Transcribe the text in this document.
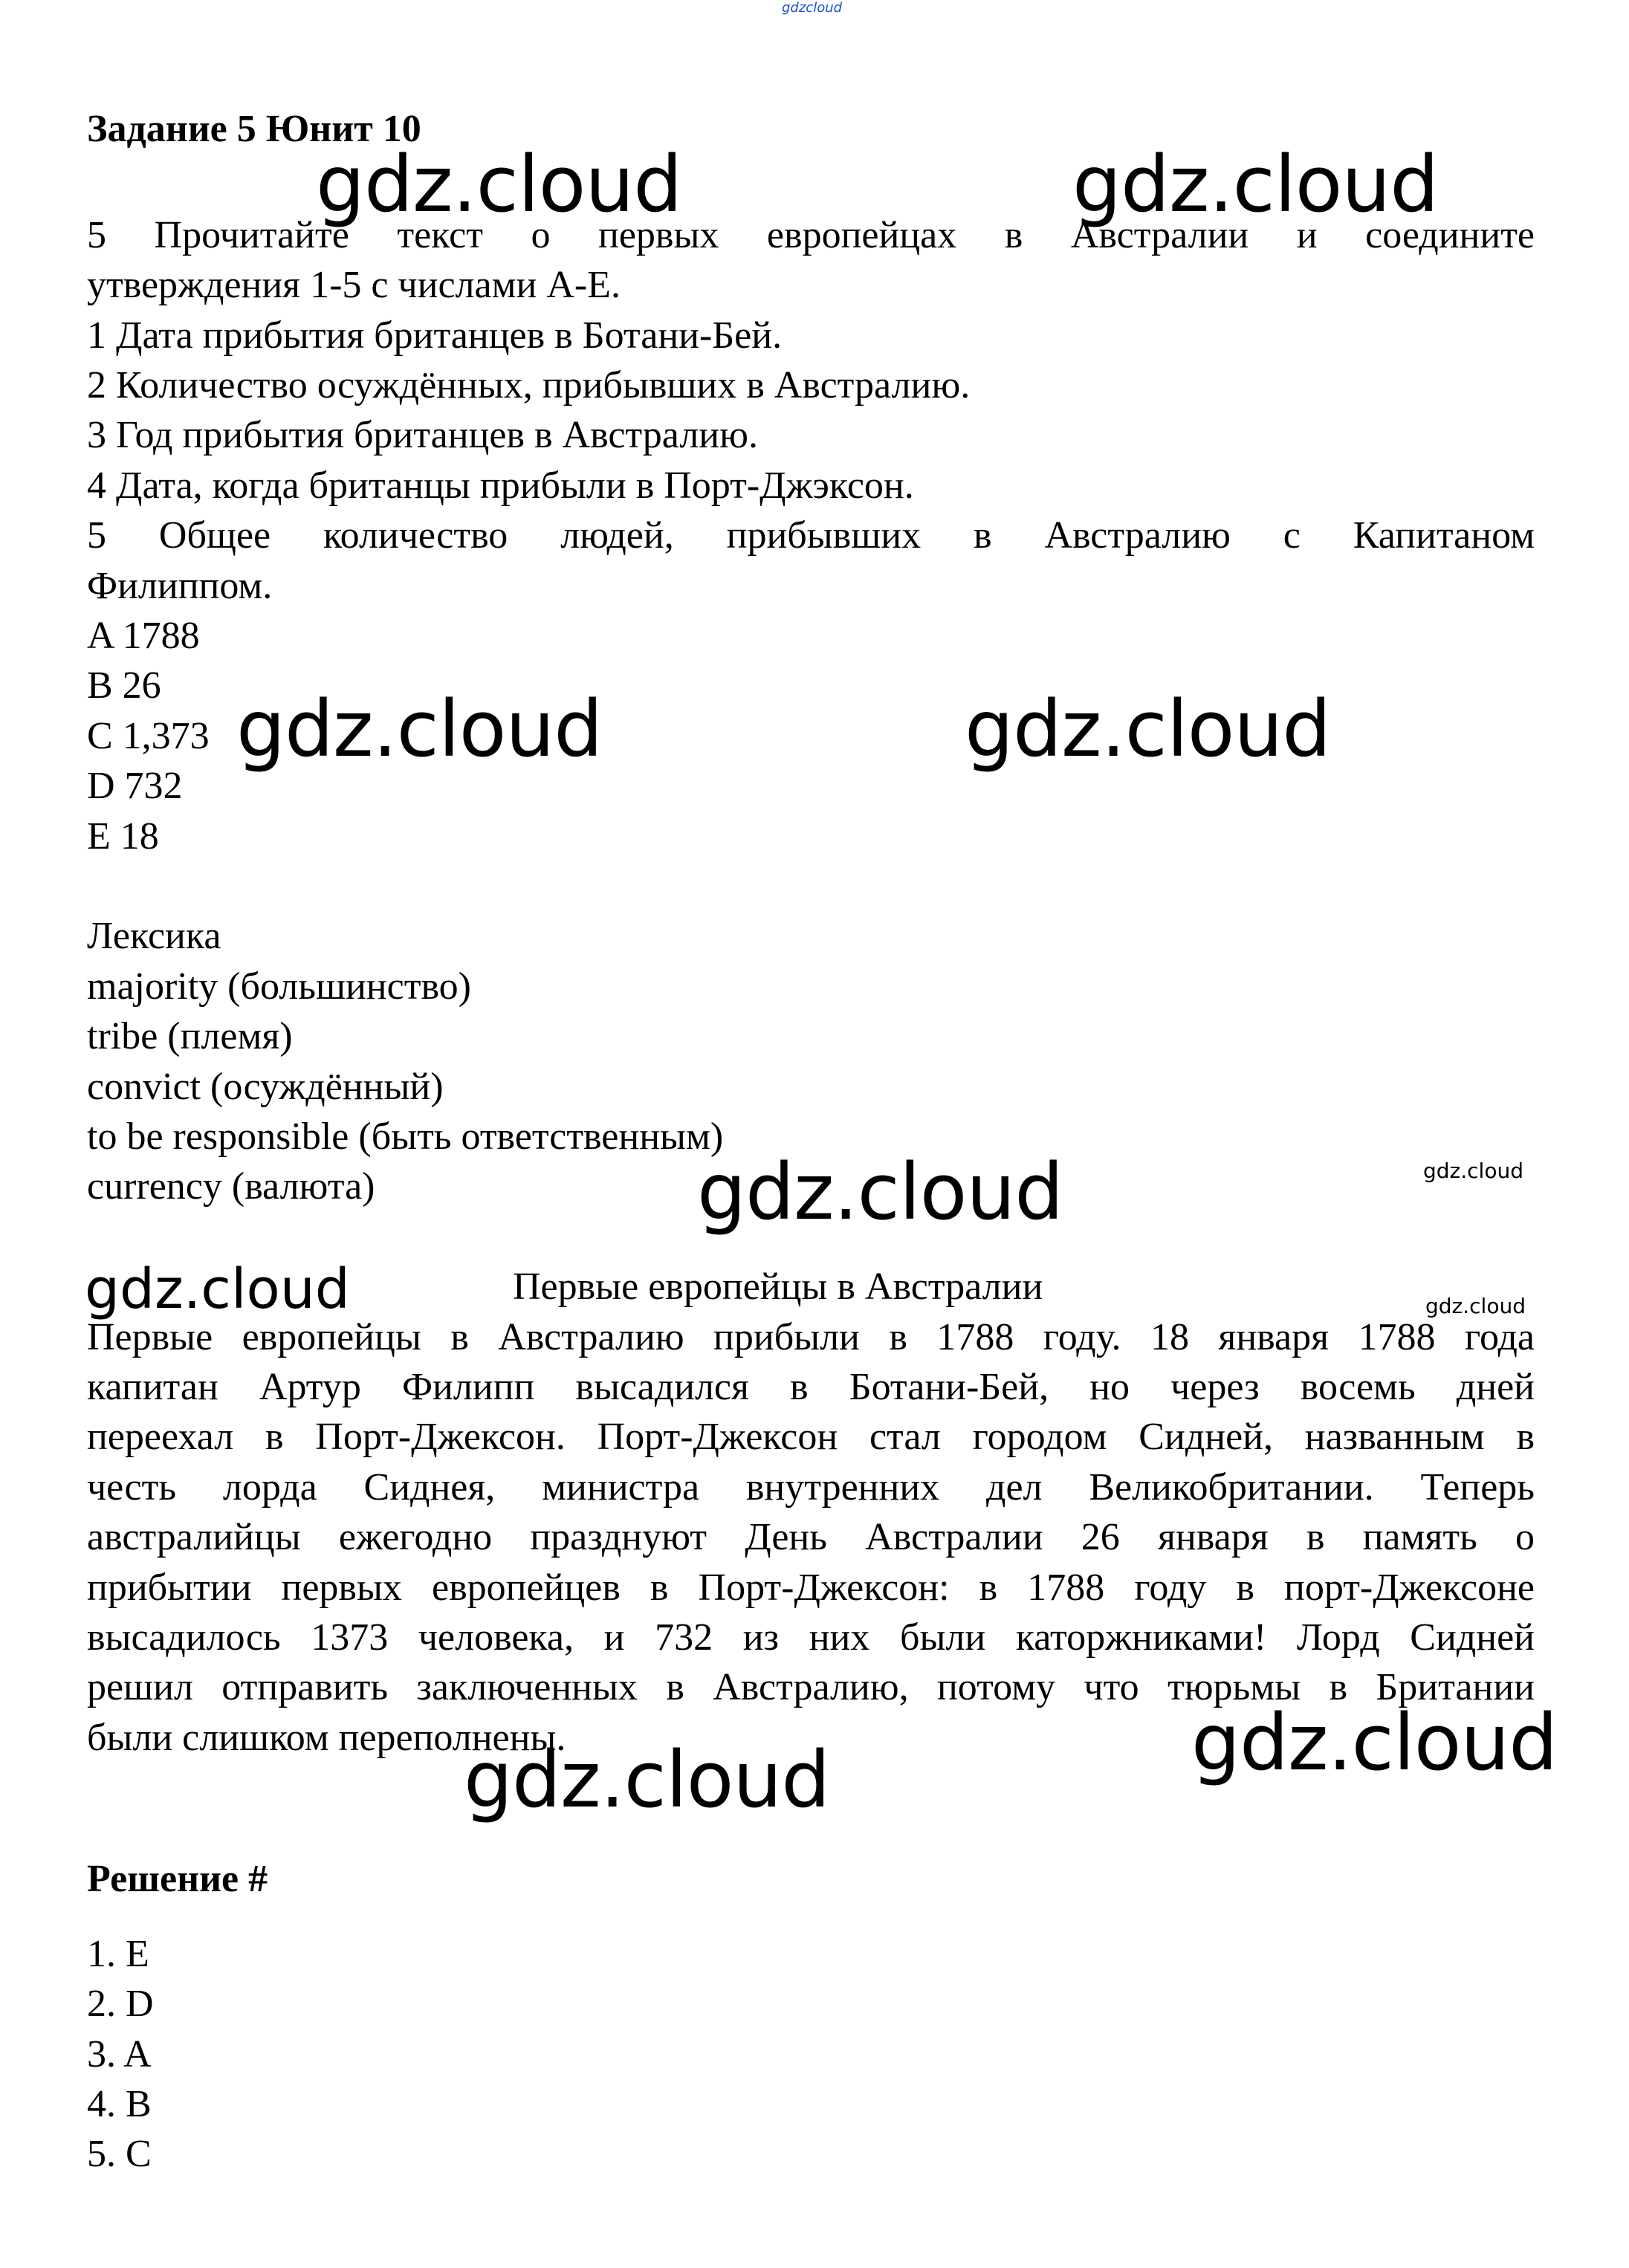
gdzcloud
Задание 5 Юнит 10
5 Прочитайте текст о первых европейцах в Австралии и соедините
утверждения 1-5 с числами A-E.
1 Дата прибытия британцев в Ботани-Бей.
2 Количество осуждённых, прибывших в Австралию.
3 Год прибытия британцев в Австралию.
4 Дата, когда британцы прибыли в Порт-Джэксон.
5 Общее количество людей, прибывших в Австралию с Капитаном
Филиппом.
A 1788
B 26
C 1,373
D 732
E 18
Лексика
majority (большинство)
tribe (племя)
convict (осуждённый)
to be responsible (быть ответственным)
currency (валюта)
Первые европейцы в Австралии
Первые европейцы в Австралию прибыли в 1788 году. 18 января 1788 года
капитан Артур Филипп высадился в Ботани-Бей, но через восемь дней
переехал в Порт-Джексон. Порт-Джексон стал городом Сидней, названным в
честь лорда Сиднея, министра внутренних дел Великобритании. Теперь
австралийцы ежегодно празднуют День Австралии 26 января в память о
прибытии первых европейцев в Порт-Джексон: в 1788 году в порт-Джексоне
высадилось 1373 человека, и 732 из них были каторжниками! Лорд Сидней
решил отправить заключенных в Австралию, потому что тюрьмы в Британии
были слишком переполнены.
Решение #
1. E
2. D
3. A
4. B
5. C
gdz.cloud	gdz.cloud
gdz.cloud	gdz.cloud
gdz.cloud	gdz.cloud
gdz.cloud	gdz.cloud
gdz.cloud
gdz.cloud
